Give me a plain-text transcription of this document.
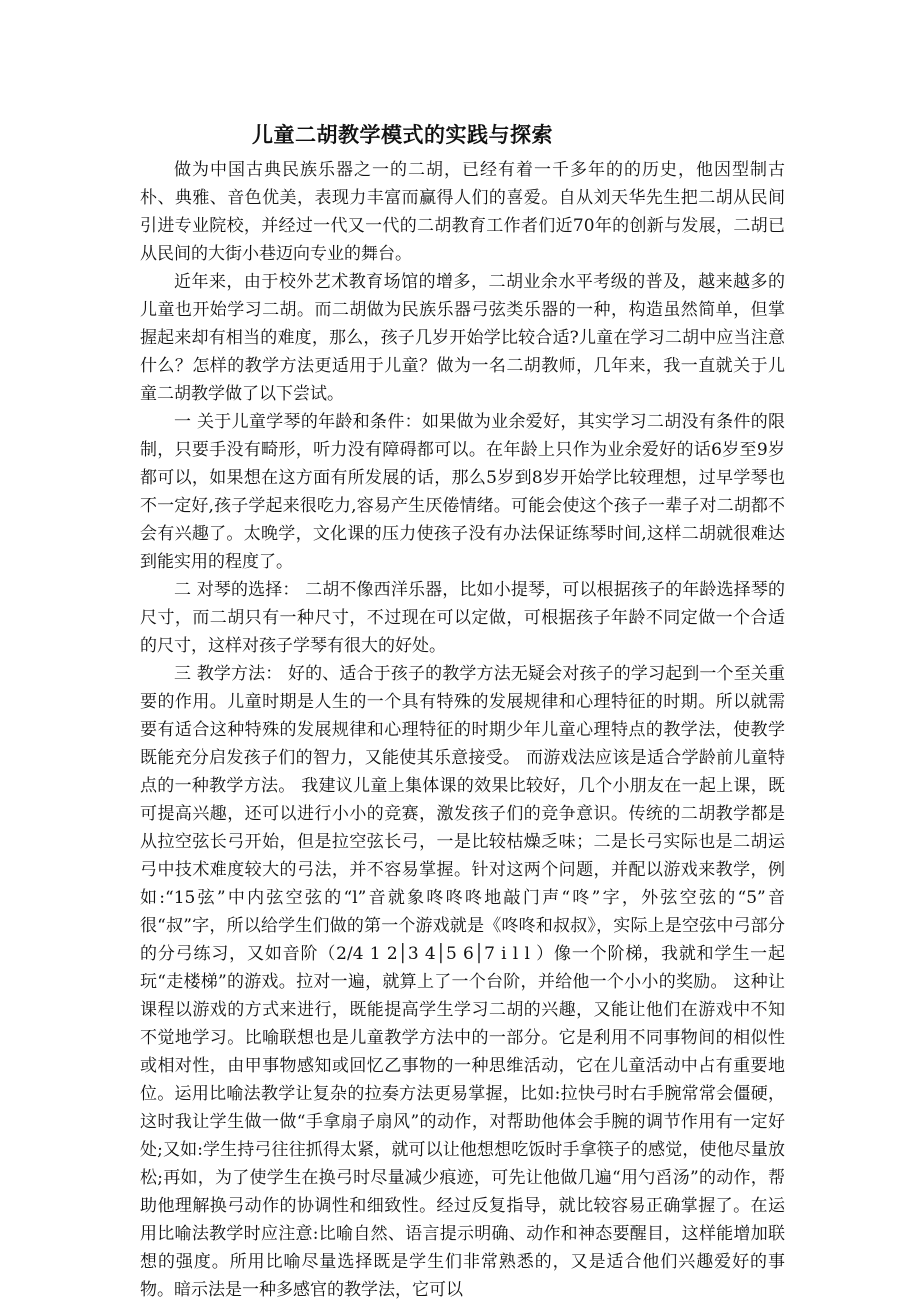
儿童二胡教学模式的实践与探索

做为中国古典民族乐器之一的二胡，已经有着一千多年的的历史，他因型制古朴、典雅、音色优美，表现力丰富而赢得人们的喜爱。自从刘天华先生把二胡从民间引进专业院校，并经过一代又一代的二胡教育工作者们近70年的创新与发展，二胡已从民间的大街小巷迈向专业的舞台。

近年来，由于校外艺术教育场馆的增多，二胡业余水平考级的普及，越来越多的儿童也开始学习二胡。而二胡做为民族乐器弓弦类乐器的一种，构造虽然简单，但掌握起来却有相当的难度，那么，孩子几岁开始学比较合适?儿童在学习二胡中应当注意什么？怎样的教学方法更适用于儿童？做为一名二胡教师，几年来，我一直就关于儿童二胡教学做了以下尝试。

一 关于儿童学琴的年龄和条件：如果做为业余爱好，其实学习二胡没有条件的限制，只要手没有畸形，听力没有障碍都可以。在年龄上只作为业余爱好的话6岁至9岁都可以，如果想在这方面有所发展的话，那么5岁到8岁开始学比较理想，过早学琴也不一定好,孩子学起来很吃力,容易产生厌倦情绪。可能会使这个孩子一辈子对二胡都不会有兴趣了。太晚学，文化课的压力使孩子没有办法保证练琴时间,这样二胡就很难达到能实用的程度了。

二 对琴的选择： 二胡不像西洋乐器，比如小提琴，可以根据孩子的年龄选择琴的尺寸，而二胡只有一种尺寸，不过现在可以定做，可根据孩子年龄不同定做一个合适的尺寸，这样对孩子学琴有很大的好处。

三 教学方法： 好的、适合于孩子的教学方法无疑会对孩子的学习起到一个至关重要的作用。儿童时期是人生的一个具有特殊的发展规律和心理特征的时期。所以就需要有适合这种特殊的发展规律和心理特征的时期少年儿童心理特点的教学法，使教学既能充分启发孩子们的智力，又能使其乐意接受。 而游戏法应该是适合学龄前儿童特点的一种教学方法。 我建议儿童上集体课的效果比较好，几个小朋友在一起上课，既可提高兴趣，还可以进行小小的竞赛，激发孩子们的竞争意识。传统的二胡教学都是从拉空弦长弓开始，但是拉空弦长弓，一是比较枯燥乏味；二是长弓实际也是二胡运弓中技术难度较大的弓法，并不容易掌握。针对这两个问题，并配以游戏来教学，例如:“15弦”中内弦空弦的“l”音就象咚咚咚地敲门声“咚”字，外弦空弦的“5”音很“叔”字，所以给学生们做的第一个游戏就是《咚咚和叔叔》，实际上是空弦中弓部分的分弓练习，又如音阶（2/4 1 2│3 4│5 6│7 i l l ）像一个阶梯，我就和学生一起玩“走楼梯”的游戏。拉对一遍，就算上了一个台阶，并给他一个小小的奖励。 这种让课程以游戏的方式来进行，既能提高学生学习二胡的兴趣，又能让他们在游戏中不知不觉地学习。比喻联想也是儿童教学方法中的一部分。它是利用不同事物间的相似性或相对性，由甲事物感知或回忆乙事物的一种思维活动，它在儿童活动中占有重要地位。运用比喻法教学让复杂的拉奏方法更易掌握，比如:拉快弓时右手腕常常会僵硬，这时我让学生做一做“手拿扇子扇风”的动作，对帮助他体会手腕的调节作用有一定好处;又如:学生持弓往往抓得太紧，就可以让他想想吃饭时手拿筷子的感觉，使他尽量放松;再如，为了使学生在换弓时尽量减少痕迹，可先让他做几遍“用勺舀汤”的动作，帮助他理解换弓动作的协调性和细致性。经过反复指导，就比较容易正确掌握了。在运用比喻法教学时应注意:比喻自然、语言提示明确、动作和神态要醒目，这样能增加联想的强度。所用比喻尽量选择既是学生们非常熟悉的，又是适合他们兴趣爱好的事物。暗示法是一种多感官的教学法，它可以
